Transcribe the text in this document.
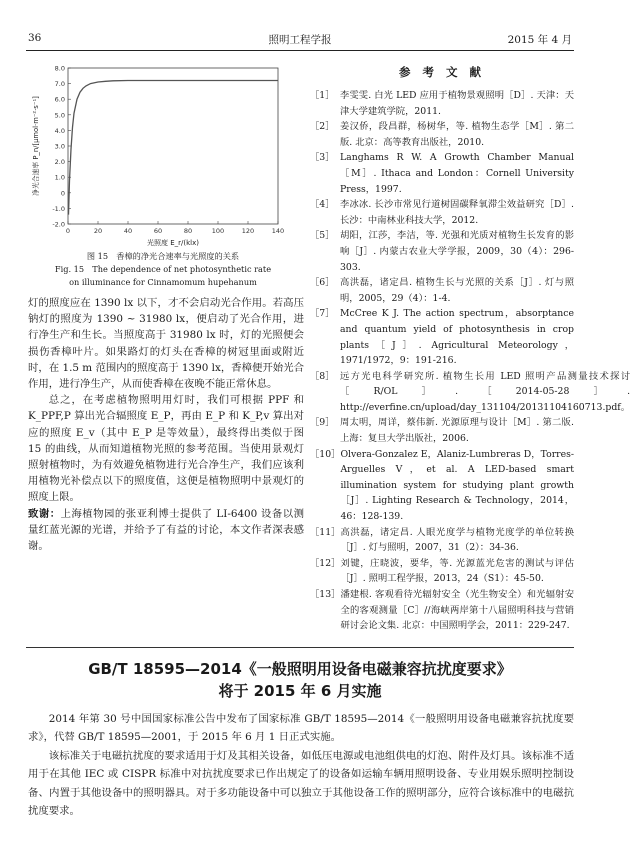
36	照明工程学报	2015 年 4 月
-2.0
-1.0
0
1.0
2.0
3.0
4.0
5.0
6.0
7.0
8.0
0	20	40	60	80	100	120	140
光照度 E_r/(klx)
净光合速率 P_n/[μmol·m⁻²·s⁻¹]
图 15　香樟的净光合速率与光照度的关系
Fig. 15　The dependence of net photosynthetic rate
on illuminance for Cinnamomum hupehanum

灯的照度应在 1390 lx 以下，才不会启动光合作用。若高压钠灯的照度为 1390 ~ 31980 lx，便启动了光合作用，进行净生产和生长。当照度高于 31980 lx 时，灯的光照便会损伤香樟叶片。如果路灯的灯头在香樟的树冠里面或附近时，在 1.5 m 范围内的照度高于 1390 lx，香樟便开始光合作用，进行净生产，从而使香樟在夜晚不能正常休息。

总之，在考虑植物照明用灯时，我们可根据 PPF 和 K_PPF,P 算出光合辐照度 E_P，再由 E_P 和 K_P,v 算出对应的照度 E_v（其中 E_P 是等效量），最终得出类似于图 15 的曲线，从而知道植物光照的参考范围。当使用景观灯照射植物时，为有效避免植物进行光合净生产，我们应该利用植物光补偿点以下的照度值，这便是植物照明中景观灯的照度上限。

致谢：上海植物园的张亚利博士提供了 LI-6400 设备以测量红蓝光源的光谱，并给予了有益的讨论，本文作者深表感谢。

参 考 文 献
［1］ 李雯雯. 白光 LED 应用于植物景观照明［D］. 天津：天津大学建筑学院，2011.
［2］ 姜汉侨，段昌群，杨树华，等. 植物生态学［M］. 第二版. 北京：高等教育出版社，2010.
［3］ Langhams R W. A Growth Chamber Manual［M］. Ithaca and London：Cornell University Press，1997.
［4］ 李冰冰. 长沙市常见行道树固碳释氧滞尘效益研究［D］. 长沙：中南林业科技大学，2012.
［5］ 胡阳，江莎，李洁，等. 光强和光质对植物生长发育的影响［J］. 内蒙古农业大学学报，2009，30（4）：296-303.
［6］ 高洪磊，诸定昌. 植物生长与光照的关系［J］. 灯与照明，2005，29（4）：1-4.
［7］ McCree K J. The action spectrum，absorptance and quantum yield of photosynthesis in crop plants［J］. Agricultural Meteorology，1971/1972，9：191-216.
［8］ 远方光电科学研究所. 植物生长用 LED 照明产品测量技术探讨［R/OL］.［2014-05-28］. http://everfine.cn/upload/day_131104/20131104160713.pdf。
［9］ 周太明，周详，蔡伟新. 光源原理与设计［M］. 第二版. 上海：复旦大学出版社，2006.
［10］ Olvera-Gonzalez E，Alaniz-Lumbreras D，Torres-Arguelles V，et al. A LED-based smart illumination system for studying plant growth［J］. Lighting Research & Technology，2014，46：128-139.
［11］ 高洪磊，诸定昌. 人眼光度学与植物光度学的单位转换［J］. 灯与照明，2007，31（2）：34-36.
［12］ 刘键，庄晓波，要华，等. 光源蓝光危害的测试与评估［J］. 照明工程学报，2013，24（S1）：45-50.
［13］ 潘建根. 客观看待光辐射安全（光生物安全）和光辐射安全的客观测量［C］//海峡两岸第十八届照明科技与营销研讨会论文集. 北京：中国照明学会，2011：229-247.
GB/T 18595—2014《一般照明用设备电磁兼容抗扰度要求》
将于 2015 年 6 月实施

2014 年第 30 号中国国家标准公告中发布了国家标准 GB/T 18595—2014《一般照明用设备电磁兼容抗扰度要求》，代替 GB/T 18595—2001，于 2015 年 6 月 1 日正式实施。

该标准关于电磁抗扰度的要求适用于灯及其相关设备，如低压电源或电池组供电的灯泡、附件及灯具。该标准不适用于在其他 IEC 或 CISPR 标准中对抗扰度要求已作出规定了的设备如运输车辆用照明设备、专业用娱乐照明控制设备、内置于其他设备中的照明器具。对于多功能设备中可以独立于其他设备工作的照明部分，应符合该标准中的电磁抗扰度要求。
